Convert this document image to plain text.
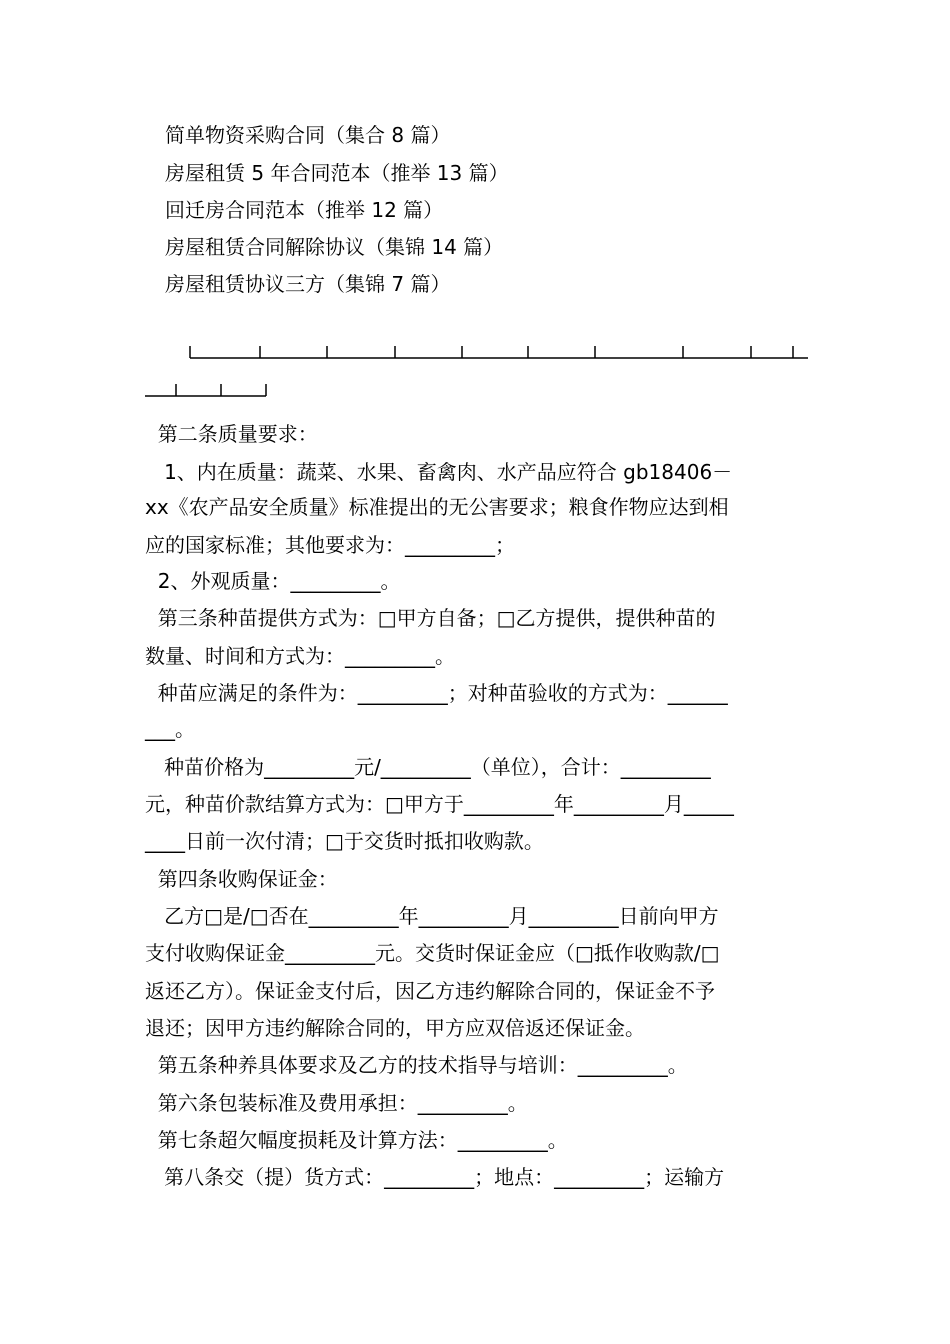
简单物资采购合同（集合 8 篇）
房屋租赁 5 年合同范本（推举 13 篇）
回迁房合同范本（推举 12 篇）
房屋租赁合同解除协议（集锦 14 篇）
房屋租赁协议三方（集锦 7 篇）
第二条质量要求：
1、内在质量：蔬菜、水果、畜禽肉、水产品应符合 gb18406－
xx《农产品安全质量》标准提出的无公害要求；粮食作物应达到相
应的国家标准；其他要求为：_________；
2、外观质量：_________。
第三条种苗提供方式为：□甲方自备；□乙方提供，提供种苗的
数量、时间和方式为：_________。
种苗应满足的条件为：_________；对种苗验收的方式为：______
___。
种苗价格为_________元/_________（单位），合计：_________
元，种苗价款结算方式为：□甲方于_________年_________月_____
____日前一次付清；□于交货时抵扣收购款。
第四条收购保证金：
乙方□是/□否在_________年_________月_________日前向甲方
支付收购保证金_________元。交货时保证金应（□抵作收购款/□
返还乙方）。保证金支付后，因乙方违约解除合同的，保证金不予
退还；因甲方违约解除合同的，甲方应双倍返还保证金。
第五条种养具体要求及乙方的技术指导与培训：_________。
第六条包装标准及费用承担：_________。
第七条超欠幅度损耗及计算方法：_________。
第八条交（提）货方式：_________；地点：_________；运输方
